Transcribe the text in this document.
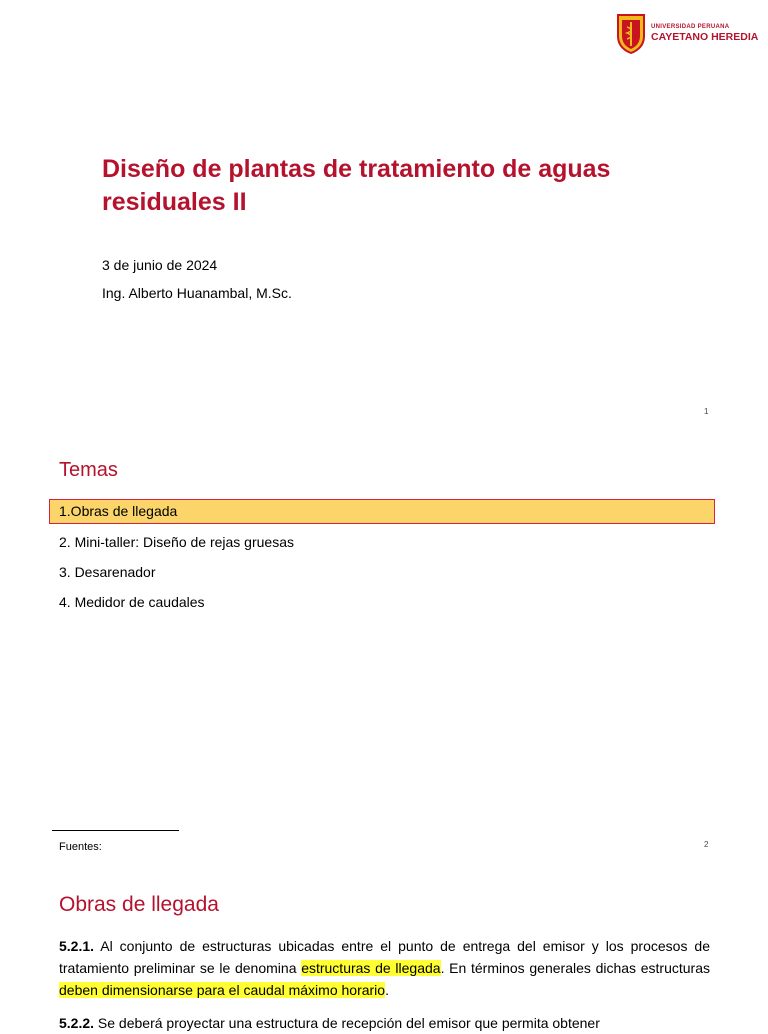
UNIVERSIDAD PERUANA
CAYETANO HEREDIA
Diseño de plantas de tratamiento de aguas residuales II
3 de junio de 2024
Ing. Alberto Huanambal, M.Sc.
1
Temas
1.Obras de llegada
2. Mini-taller: Diseño de rejas gruesas
3. Desarenador
4. Medidor de caudales
Fuentes:	2
Obras de llegada
5.2.1. Al conjunto de estructuras ubicadas entre el punto de entrega del emisor y los procesos de tratamiento preliminar se le denomina estructuras de llegada. En términos generales dichas estructuras deben dimensionarse para el caudal máximo horario.
5.2.2. Se deberá proyectar una estructura de recepción del emisor que permita obtener
